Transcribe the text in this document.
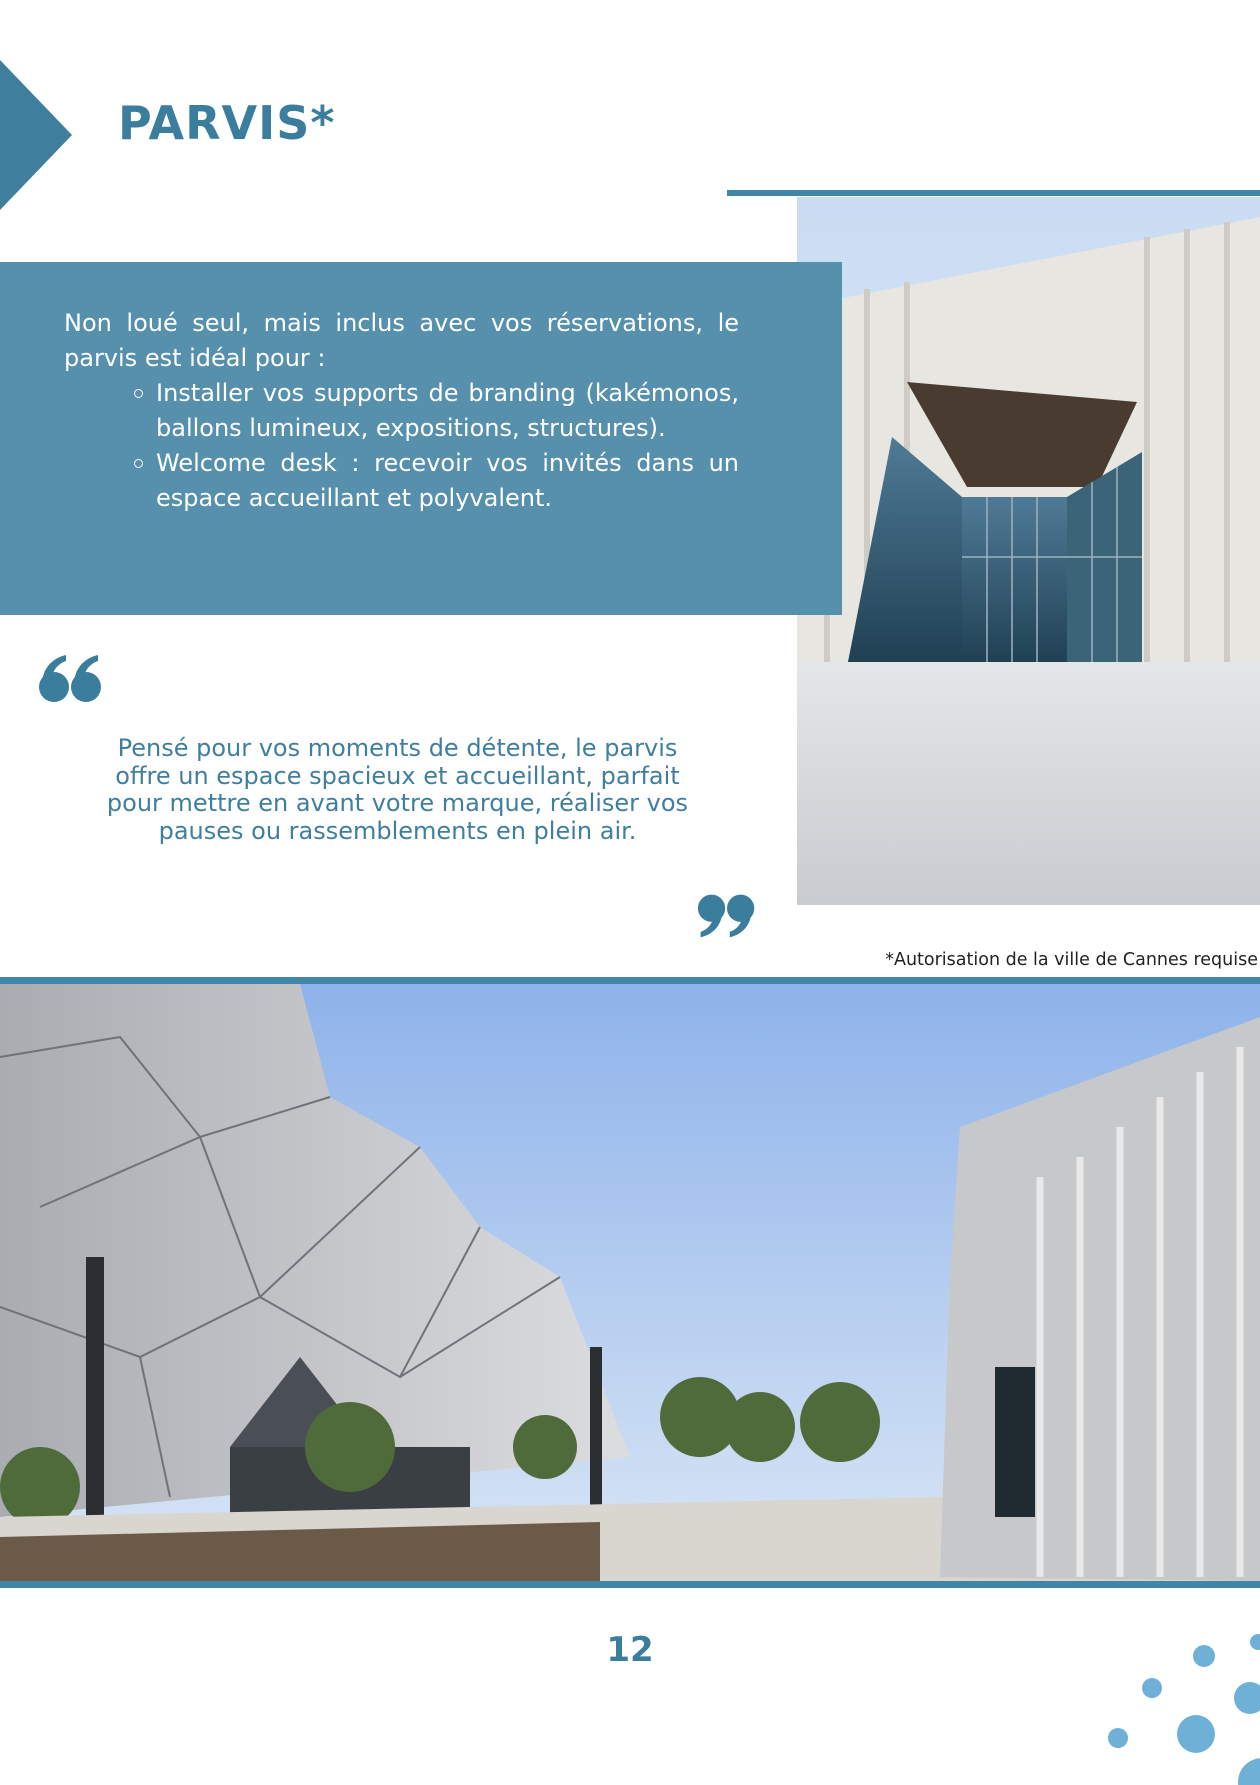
PARVIS*

Non loué seul, mais inclus avec vos réservations, le parvis est idéal pour :

Installer vos supports de branding (kakémonos, ballons lumineux, expositions, structures).
Welcome desk : recevoir vos invités dans un espace accueillant et polyvalent.

Pensé pour vos moments de détente, le parvis offre un espace spacieux et accueillant, parfait pour mettre en avant votre marque, réaliser vos pauses ou rassemblements en plein air.

*Autorisation de la ville de Cannes requise

12
